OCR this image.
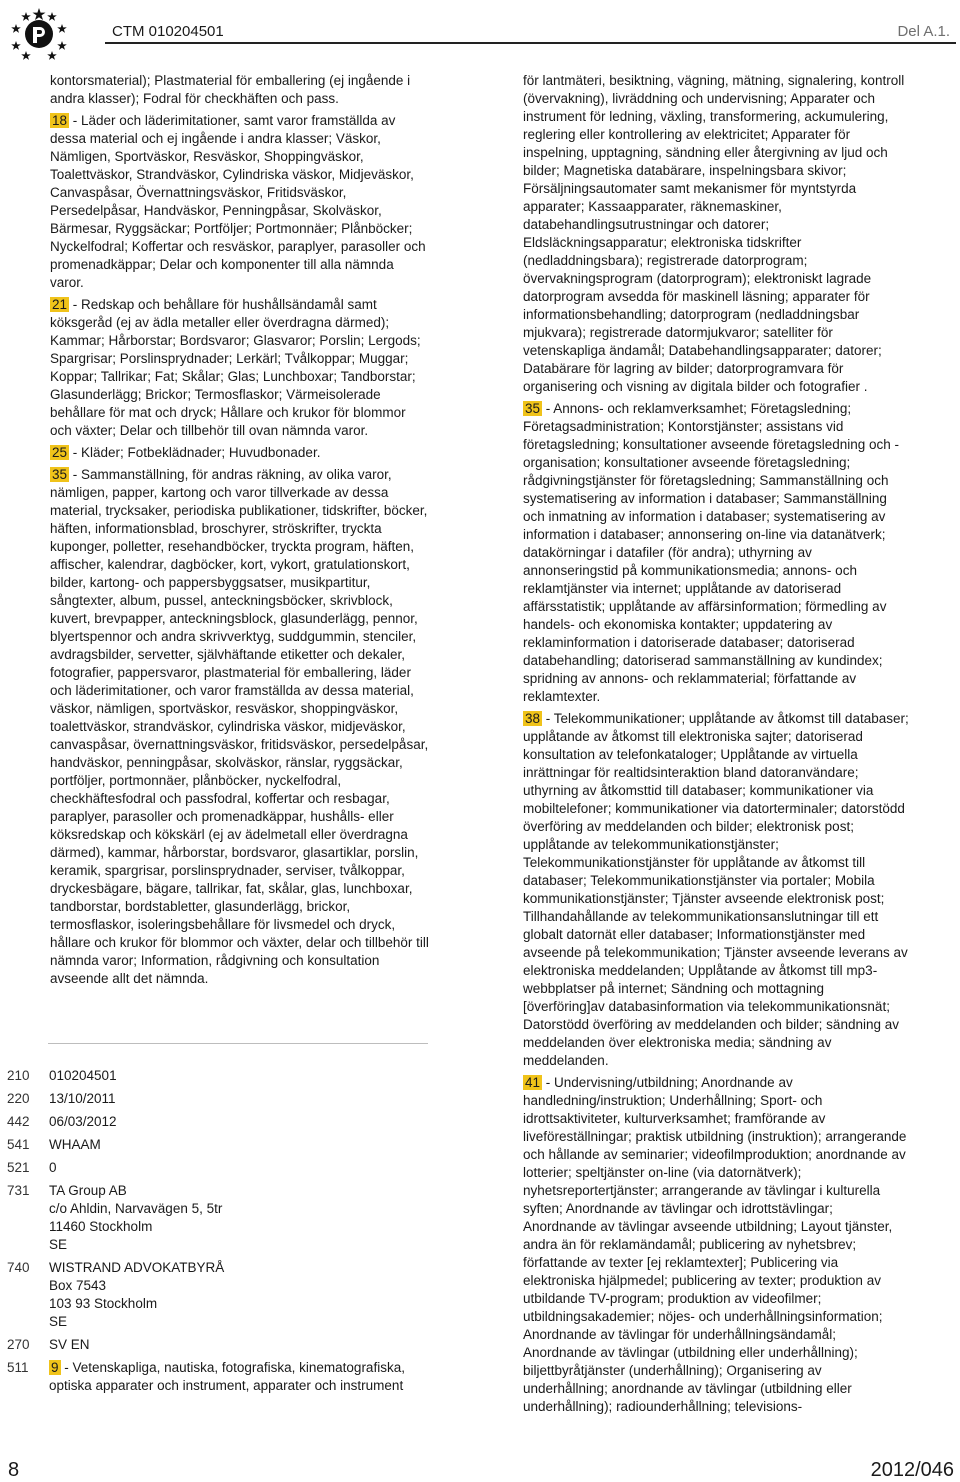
CTM 010204501	Del A.1.

kontorsmaterial); Plastmaterial för emballering (ej ingående i andra klasser); Fodral för checkhäften och pass.

18 - Läder och läderimitationer, samt varor framställda av dessa material och ej ingående i andra klasser; Väskor, Nämligen, Sportväskor, Resväskor, Shoppingväskor, Toalettväskor, Strandväskor, Cylindriska väskor, Midjeväskor, Canvaspåsar, Övernattningsväskor, Fritidsväskor, Persedelpåsar, Handväskor, Penningpåsar, Skolväskor, Bärmesar, Ryggsäckar; Portföljer; Portmonnäer; Plånböcker; Nyckelfodral; Koffertar och resväskor, paraplyer, parasoller och promenadkäppar; Delar och komponenter till alla nämnda varor.

21 - Redskap och behållare för hushållsändamål samt köksgeråd (ej av ädla metaller eller överdragna därmed); Kammar; Hårborstar; Bordsvaror; Glasvaror; Porslin; Lergods; Spargrisar; Porslinsprydnader; Lerkärl; Tvålkoppar; Muggar; Koppar; Tallrikar; Fat; Skålar; Glas; Lunchboxar; Tandborstar; Glasunderlägg; Brickor; Termosflaskor; Värmeisolerade behållare för mat och dryck; Hållare och krukor för blommor och växter; Delar och tillbehör till ovan nämnda varor.

25 - Kläder; Fotbeklädnader; Huvudbonader.

35 - Sammanställning, för andras räkning, av olika varor, nämligen, papper, kartong och varor tillverkade av dessa material, trycksaker, periodiska publikationer, tidskrifter, böcker, häften, informationsblad, broschyrer, ströskrifter, tryckta kuponger, polletter, resehandböcker, tryckta program, häften, affischer, kalendrar, dagböcker, kort, vykort, gratulationskort, bilder, kartong- och pappersbyggsatser, musikpartitur, sångtexter, album, pussel, anteckningsböcker, skrivblock, kuvert, brevpapper, anteckningsblock, glasunderlägg, pennor, blyertspennor och andra skrivverktyg, suddgummin, stenciler, avdragsbilder, servetter, självhäftande etiketter och dekaler, fotografier, pappersvaror, plastmaterial för emballering, läder och läderimitationer, och varor framställda av dessa material, väskor, nämligen, sportväskor, resväskor, shoppingväskor, toalettväskor, strandväskor, cylindriska väskor, midjeväskor, canvaspåsar, övernattningsväskor, fritidsväskor, persedelpåsar, handväskor, penningpåsar, skolväskor, ränslar, ryggsäckar, portföljer, portmonnäer, plånböcker, nyckelfodral, checkhäftesfodral och passfodral, koffertar och resbagar, paraplyer, parasoller och promenadkäppar, hushålls- eller köksredskap och kökskärl (ej av ädelmetall eller överdragna därmed), kammar, hårborstar, bordsvaror, glasartiklar, porslin, keramik, spargrisar, porslinsprydnader, serviser, tvålkoppar, dryckesbägare, bägare, tallrikar, fat, skålar, glas, lunchboxar, tandborstar, bordstabletter, glasunderlägg, brickor, termosflaskor, isoleringsbehållare för livsmedel och dryck, hållare och krukor för blommor och växter, delar och tillbehör till nämnda varor; Information, rådgivning och konsultation avseende allt det nämnda.

210 010204501
220 13/10/2011
442 06/03/2012
541 WHAAM
521 0
731 TA Group AB
c/o Ahldin, Narvavägen 5, 5tr
11460 Stockholm
SE
740 WISTRAND ADVOKATBYRÅ
Box 7543
103 93 Stockholm
SE
270 SV EN
511 9 - Vetenskapliga, nautiska, fotografiska, kinematografiska, optiska apparater och instrument, apparater och instrument

för lantmäteri, besiktning, vägning, mätning, signalering, kontroll (övervakning), livräddning och undervisning; Apparater och instrument för ledning, växling, transformering, ackumulering, reglering eller kontrollering av elektricitet; Apparater för inspelning, upptagning, sändning eller återgivning av ljud och bilder; Magnetiska databärare, inspelningsbara skivor; Försäljningsautomater samt mekanismer för myntstyrda apparater; Kassaapparater, räknemaskiner, databehandlingsutrustningar och datorer; Eldsläckningsapparatur; elektroniska tidskrifter (nedladdningsbara); registrerade datorprogram; övervakningsprogram (datorprogram); elektroniskt lagrade datorprogram avsedda för maskinell läsning; apparater för informationsbehandling; datorprogram (nedladdningsbar mjukvara); registrerade datormjukvaror; satelliter för vetenskapliga ändamål; Databehandlingsapparater; datorer; Databärare för lagring av bilder; datorprogramvara för organisering och visning av digitala bilder och fotografier .

35 - Annons- och reklamverksamhet; Företagsledning; Företagsadministration; Kontorstjänster; assistans vid företagsledning; konsultationer avseende företagsledning och -organisation; konsultationer avseende företagsledning; rådgivningstjänster för företagsledning; Sammanställning och systematisering av information i databaser; Sammanställning och inmatning av information i databaser; systematisering av information i databaser; annonsering on-line via datanätverk; datakörningar i datafiler (för andra); uthyrning av annonseringstid på kommunikationsmedia; annons- och reklamtjänster via internet; upplåtande av datoriserad affärsstatistik; upplåtande av affärsinformation; förmedling av handels- och ekonomiska kontakter; uppdatering av reklaminformation i datoriserade databaser; datoriserad databehandling; datoriserad sammanställning av kundindex; spridning av annons- och reklammaterial; författande av reklamtexter.

38 - Telekommunikationer; upplåtande av åtkomst till databaser; upplåtande av åtkomst till elektroniska sajter; datoriserad konsultation av telefonkataloger; Upplåtande av virtuella inrättningar för realtidsinteraktion bland datoranvändare; uthyrning av åtkomsttid till databaser; kommunikationer via mobiltelefoner; kommunikationer via datorterminaler; datorstödd överföring av meddelanden och bilder; elektronisk post; upplåtande av telekommunikationstjänster; Telekommunikationstjänster för upplåtande av åtkomst till databaser; Telekommunikationstjänster via portaler; Mobila kommunikationstjänster; Tjänster avseende elektronisk post; Tillhandahållande av telekommunikationsanslutningar till ett globalt datornät eller databaser; Informationstjänster med avseende på telekommunikation; Tjänster avseende leverans av elektroniska meddelanden; Upplåtande av åtkomst till mp3-webbplatser på internet; Sändning och mottagning [överföring]av databasinformation via telekommunikationsnät; Datorstödd överföring av meddelanden och bilder; sändning av meddelanden över elektroniska media; sändning av meddelanden.

41 - Undervisning/utbildning; Anordnande av handledning/instruktion; Underhållning; Sport- och idrottsaktiviteter, kulturverksamhet; framförande av liveföreställningar; praktisk utbildning (instruktion); arrangerande och hållande av seminarier; videofilmproduktion; anordnande av lotterier; speltjänster on-line (via datornätverk); nyhetsreportertjänster; arrangerande av tävlingar i kulturella syften; Anordnande av tävlingar och idrottstävlingar; Anordnande av tävlingar avseende utbildning; Layout tjänster, andra än för reklamändamål; publicering av nyhetsbrev; författande av texter [ej reklamtexter]; Publicering via elektroniska hjälpmedel; publicering av texter; produktion av utbildande TV-program; produktion av videofilmer; utbildningsakademier; nöjes- och underhållningsinformation; Anordnande av tävlingar för underhållningsändamål; Anordnande av tävlingar (utbildning eller underhållning); biljettbyråtjänster (underhållning); Organisering av underhållning; anordnande av tävlingar (utbildning eller underhållning); radiounderhållning; televisions-

8	2012/046
